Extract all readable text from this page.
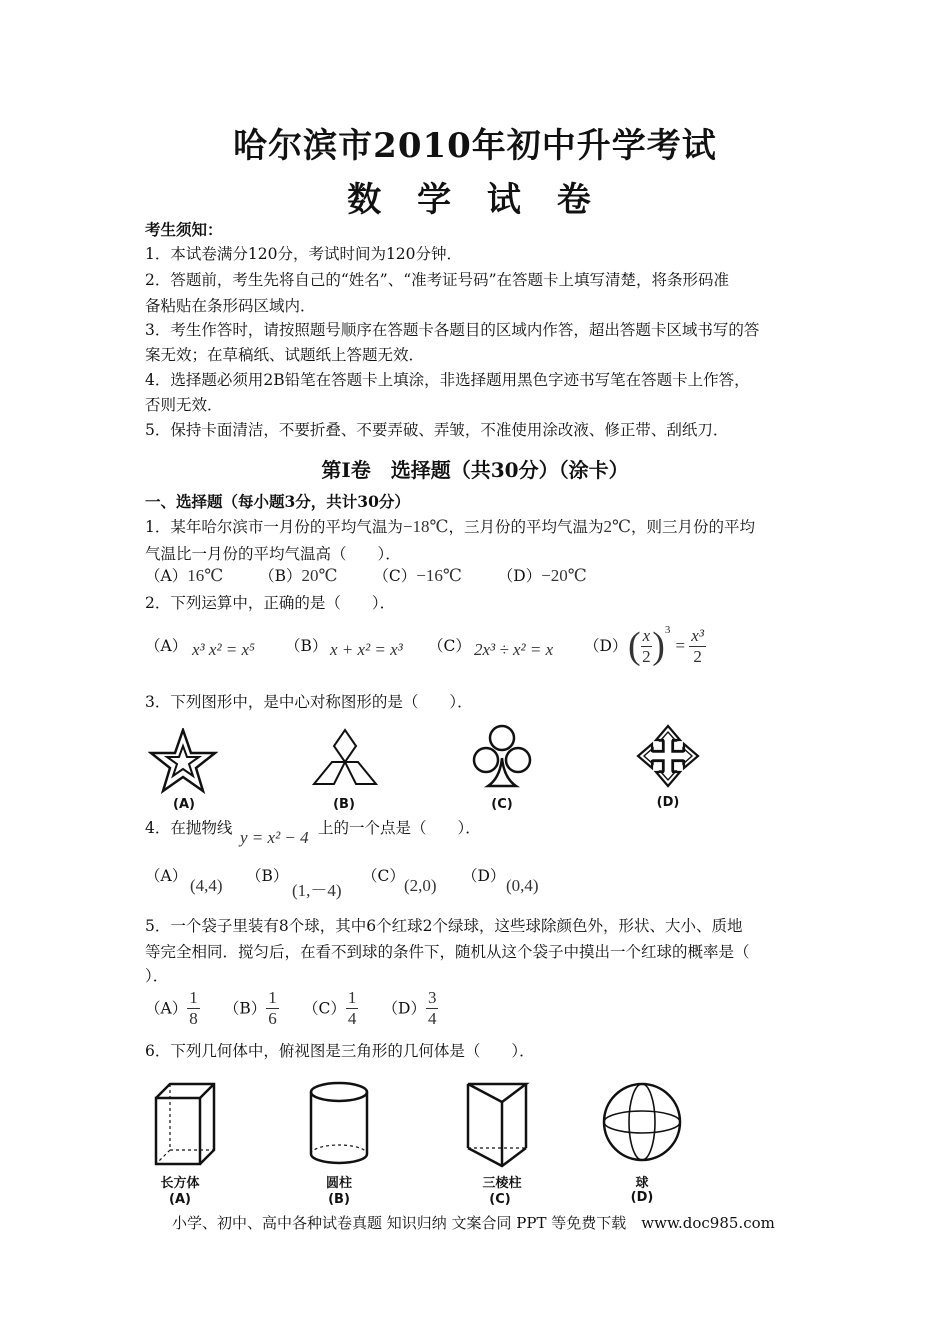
哈尔滨市2010年初中升学考试
数 学 试 卷
考生须知：
1．本试卷满分120分，考试时间为120分钟．
2．答题前，考生先将自己的“姓名”、“准考证号码”在答题卡上填写清楚，将条形码准
备粘贴在条形码区域内．
3．考生作答时，请按照题号顺序在答题卡各题目的区域内作答，超出答题卡区域书写的答
案无效；在草稿纸、试题纸上答题无效．
4．选择题必须用2B铅笔在答题卡上填涂，非选择题用黑色字迹书写笔在答题卡上作答，
否则无效．
5．保持卡面清洁，不要折叠、不要弄破、弄皱，不准使用涂改液、修正带、刮纸刀．
第Ⅰ卷　选择题（共30分）（涂卡）
一、选择题（每小题3分，共计30分）
1．某年哈尔滨市一月份的平均气温为−18℃，三月份的平均气温为2℃，则三月份的平均
气温比一月份的平均气温高（　　）．
（A）16℃ （B）20℃ （C）−16℃ （D）−20℃
2．下列运算中，正确的是（　　）．
（A） x³ x² = x⁵ （B） x + x² = x³ （C） 2x³ ÷ x² = x （D） ( $\frac{x}{2} )^3 = \frac{\text{x³}}{2}$
3．下列图形中，是中心对称图形的是（　　）．
(A)	(B)	(C)	(D)
4．在抛物线 y = x² − 4 上的一个点是（　　）．
（A） (4,4) （B）
(1,－4)
（C） (2,0) （D） (0,4)
5．一个袋子里装有8个球，其中6个红球2个绿球，这些球除颜色外，形状、大小、质地
等完全相同．搅匀后，在看不到球的条件下，随机从这个袋子中摸出一个红球的概率是（
）．
$(A) \frac{1}{8} (B) \frac{1}{6} (C) \frac{1}{4} (D) \frac{3}{4}$
6．下列几何体中，俯视图是三角形的几何体是（　　）．
长方体
(A)
圆柱
(B)
三棱柱
(C)
球
(D)
小学、初中、高中各种试卷真题 知识归纳 文案合同 PPT 等免费下载　www.doc985.com
